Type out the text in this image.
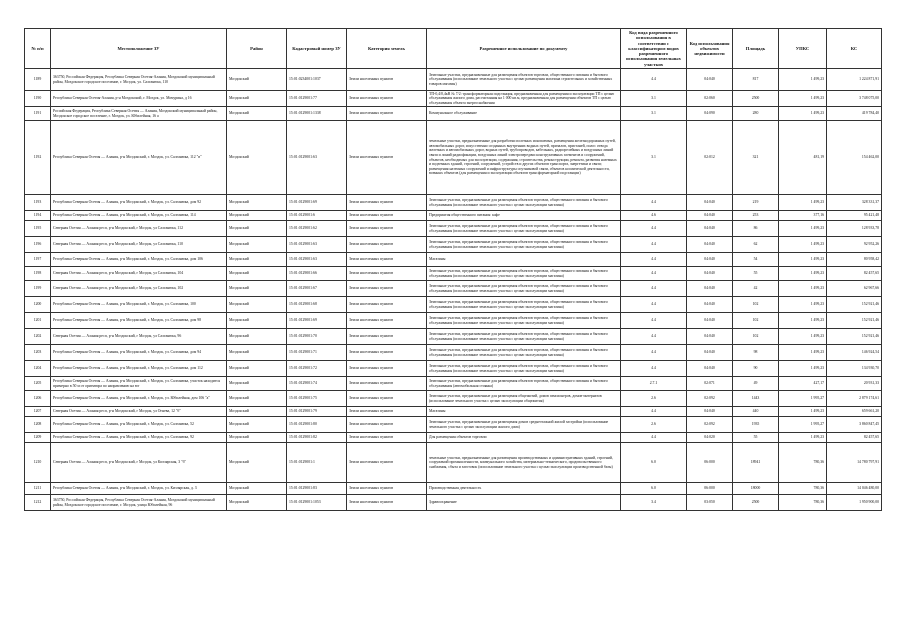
№ п/п	Местоположение ЗУ	Район	Кадастровый номер ЗУ	Категория земель	Разрешенное использование по документу	Код вида разрешенного использования в соответствии с классификатором видов разрешенного использования земельных участков	Код использования объектов недвижимости	Площадь	УПКС	КС
1189	363750, Российская Федерация, Республика Северная Осетия-Алания, Моздокский муниципальный район, Моздокское городское поселение, г. Моздок, ул. Салганюка, 110	Моздокский	15:01:0234001:1037	Земли населенных пунктов	Земельные участки, предназначенные для размещения объектов торговли, общественного питания и бытового обслуживания (использование земельного участка с целью размещения магазина строительных и хозяйственных товаров магазин)	4.4	04:040	817	1 499,23	1 224 871,91
1190	Республика Северная Осетия-Алания, р-н Моздокский, г. Моздок, ул. Мичурина, д 16	Моздокский	15:01:0129001:77	Земли населенных пунктов	ТП-0,4/0,4кВ № 7/2: трансформаторная подстанция, предназначенная для размещения и эксплуатации ТП с целью обслуживания жилого дома, рассчитанная на 1 000 кв.м, предназначенная для размещения объектов ТП с целью обслуживания объекта энергоснабжения	3.1	02:060	2500	1 499,23	3 748 075,00
1191	Российская Федерация, Республика Северная Осетия — Алания, Моздокский муниципальный район, Моздокское городское поселение, г. Моздок, ул. Юбилейная, 16 а	Моздокский	15:01:0129001:1338	Земли населенных пунктов	Коммунальное обслуживание	3.1	04:090	280	1 499,23	419 784,40
1192	Республика Северная Осетия — Алания, р-н Моздокский, г. Моздок, ул. Салганюка, 112 "в"	Моздокский	15:01:0129001:63	Земли населенных пунктов	земельные участки, предназначенные для разработки полезных ископаемых, размещения железнодорожных путей, автомобильных дорог, искусственно созданных внутренних водных путей, причалов, пристаней, полос отвода железных и автомобильных дорог, водных путей, трубопроводов, кабельных, радиорелейных и воздушных линий связи и линий радиофикации, воздушных линий электропередачи конструктивных элементов и сооружений, объектов, необходимых для эксплуатации, содержания, строительства, реконструкции, ремонта, развития наземных и подземных зданий, строений, сооружений, устройств и других объектов транспорта, энергетики и связи; размещения наземных сооружений и инфраструктуры спутниковой связи, объектов космической деятельности, военных объектов (для размещения и эксплуатации объектов трансформаторной подстанции)	3.1	02:012	321	481,19	154 462,00
1193	Республика Северная Осетия — Алания, р-н Моздокский, г. Моздок, ул. Салганюка, дом 92	Моздокский	15:01:0129001:69	Земли населенных пунктов	Земельные участки, предназначенные для размещения объектов торговли, общественного питания и бытового обслуживания (использование земельного участка с целью эксплуатации магазина)	4.4	04:040	219	1 499,23	328 331,37
1194	Республика Северная Осетия — Алания, р-н Моздокский, г. Моздок, ул. Салганюка, 114	Моздокский	15:01:0129001:6	Земли населенных пунктов	Предприятия общественного питания: кафе	4.6	04:040	253	377,16	95 421,48
1195	Северная Осетия — Алания респ, р-н Моздокский, г Моздок, ул Салганюка, 112	Моздокский	15:01:0129001:62	Земли населенных пунктов	Земельные участки, предназначенные для размещения объектов торговли, общественного питания и бытового обслуживания (использование земельного участка с целью эксплуатации магазина)	4.4	04:040	86	1 499,23	128 933,78
1196	Северная Осетия — Алания респ, р-н Моздокский, г Моздок, ул Салганюка, 110	Моздокский	15:01:0129001:63	Земли населенных пунктов	Земельные участки, предназначенные для размещения объектов торговли, общественного питания и бытового обслуживания (использование земельного участка с целью эксплуатации магазина)	4.4	04:040	62	1 499,23	92 952,26
1197	Республика Северная Осетия — Алания, р-н Моздокский, г. Моздок, ул. Салганюка, дом 106	Моздокский	15:01:0129001:63	Земли населенных пунктов	Магазины	4.4	04:040	54	1 499,23	80 958,42
1198	Северная Осетия — Алания респ, р-н Моздокский, г Моздок, ул Салганюка, 104	Моздокский	15:01:0129001:66	Земли населенных пунктов	Земельные участки, предназначенные для размещения объектов торговли, общественного питания и бытового обслуживания (использование земельного участка с целью эксплуатации магазина)	4.4	04:040	55	1 499,23	82 457,65
1199	Северная Осетия — Алания респ, р-н Моздокский, г Моздок, ул Салганюка, 102	Моздокский	15:01:0129001:67	Земли населенных пунктов	Земельные участки, предназначенные для размещения объектов торговли, общественного питания и бытового обслуживания (использование земельного участка с целью эксплуатации магазина)	4.4	04:040	42	1 499,23	62 967,66
1200	Республика Северная Осетия — Алания, р-н Моздокский, г. Моздок, ул. Салганюка, 100	Моздокский	15:01:0129001:68	Земли населенных пунктов	Земельные участки, предназначенные для размещения объектов торговли, общественного питания и бытового обслуживания (использование земельного участка с целью эксплуатации магазина)	4.4	04:040	102	1 499,23	152 921,46
1201	Республика Северная Осетия — Алания, р-н Моздокский, г. Моздок, ул. Салганюка, дом 98	Моздокский	15:01:0129001:69	Земли населенных пунктов	Земельные участки, предназначенные для размещения объектов торговли, общественного питания и бытового обслуживания (использование земельного участка с целью эксплуатации магазина)	4.4	04:040	102	1 499,23	152 921,46
1202	Северная Осетия — Алания респ, р-н Моздокский, г Моздок, ул Салганюка, 96	Моздокский	15:01:0129001:70	Земли населенных пунктов	Земельные участки, предназначенные для размещения объектов торговли, общественного питания и бытового обслуживания (использование земельного участка с целью эксплуатации магазина)	4.4	04:040	102	1 499,23	152 921,46
1203	Республика Северная Осетия — Алания, р-н Моздокский, г. Моздок, ул. Салганюка, дом 94	Моздокский	15:01:0129001:71	Земли населенных пунктов	Земельные участки, предназначенные для размещения объектов торговли, общественного питания и бытового обслуживания (использование земельного участка с целью эксплуатации магазина)	4.4	04:040	98	1 499,23	146 924,54
1204	Республика Северная Осетия — Алания, р-н Моздокский, г. Моздок, ул. Салганюка, дом 112	Моздокский	15:01:0129001:72	Земли населенных пунктов	Земельные участки, предназначенные для размещения объектов торговли, общественного питания и бытового обслуживания (использование земельного участка с целью эксплуатации магазина)	4.4	04:040	90	1 499,23	134 930,70
1205	Республика Северная Осетия — Алания, р-н Моздокский, г. Моздок, ул. Салганюка, участок находится примерно в 50 м от ориентира по направлению на юг	Моздокский	15:01:0129001:74	Земли населенных пунктов	Земельные участки, предназначенные для размещения объектов торговли, общественного питания и бытового обслуживания (автомобильная стоянка)	2.7.1	02:071	49	427,17	20 931,33
1206	Республика Северная Осетия — Алания, р-н Моздокский, г. Моздок, ул. Юбилейная, дом 106 "а"	Моздокский	15:01:0129001:75	Земли населенных пунктов	Земельные участки, предназначенные для размещения общежитий, домов пенсионеров, домов-интернатов (использование земельного участка с целью эксплуатации общежития)	2.6	02:092	1443	1 995,27	2 879 174,61
1207	Северная Осетия — Алания респ, р-н Моздокский, г Моздок, ул Огнева, 12 "б"	Моздокский	15:01:0129001:79	Земли населенных пунктов	Магазины	4.4	04:040	440	1 499,23	659 661,20
1208	Республика Северная Осетия — Алания, р-н Моздокский, г. Моздок, ул. Салганюка, 52	Моздокский	15:01:0129001:80	Земли населенных пунктов	Земельные участки, предназначенные для размещения домов среднеэтажной жилой застройки (использование земельного участка с целью эксплуатации жилого дома)	2.6	02:092	1935	1 995,27	3 860 847,45
1209	Республика Северная Осетия — Алания, р-н Моздокский, г. Моздок, ул. Салганюка, 92	Моздокский	15:01:0129001:82	Земли населенных пунктов	Для размещения объектов торговли	4.4	04:020	55	1 499,23	82 457,65
1210	Северная Осетия — Алания респ, р-н Моздокский, г Моздок, ул Кизлярская, 3 "б"	Моздокский	15:01:0129001:1	Земли населенных пунктов	земельные участки, предназначенные для размещения производственных и административных зданий, строений, сооружений промышленности, коммунального хозяйства, материально-технического, продовольственного снабжения, сбыта и заготовок (использование земельного участка с целью эксплуатации производственной базы)	6.0	06:000	18941	780,36	14 780 797,91
1211	Республика Северная Осетия — Алания, р-н Моздокский, г. Моздок, ул. Кизлярская, д. 3	Моздокский	15:01:0129001:83	Земли населенных пунктов	Производственная деятельность	6.0	06:000	18000	780,36	14 046 480,00
1212	363750, Российская Федерация, Республика Северная Осетия-Алания, Моздокский муниципальный район, Моздокское городское поселение, г. Моздок, улица Юбилейная, 96	Моздокский	15:01:0129001:1053	Земли населенных пунктов	Здравоохранение	3.4	03:050	2500	780,36	1 950 900,00
